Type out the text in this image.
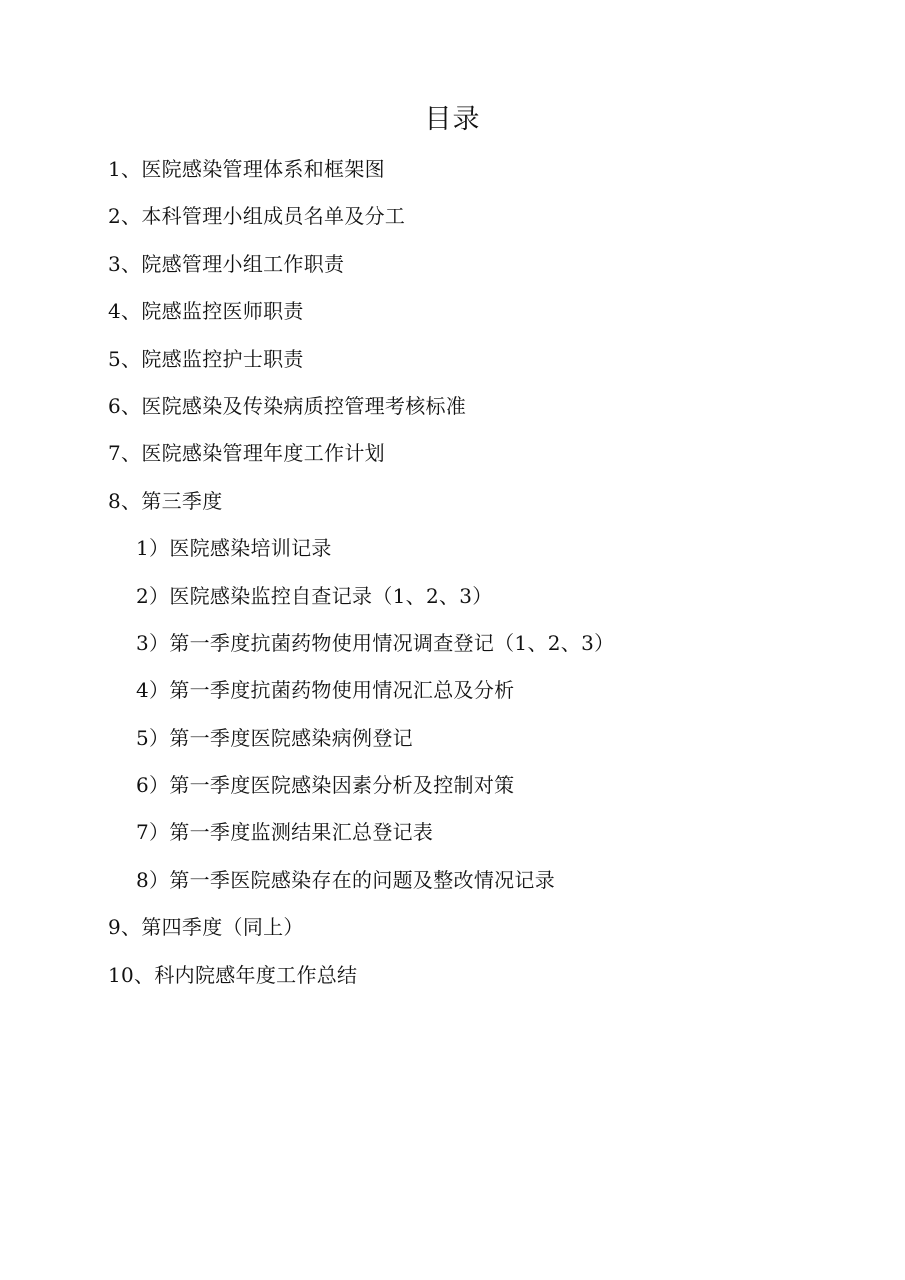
目录
1、医院感染管理体系和框架图
2、本科管理小组成员名单及分工
3、院感管理小组工作职责
4、院感监控医师职责
5、院感监控护士职责
6、医院感染及传染病质控管理考核标准
7、医院感染管理年度工作计划
8、第三季度
1）医院感染培训记录
2）医院感染监控自查记录（1、2、3）
3）第一季度抗菌药物使用情况调查登记（1、2、3）
4）第一季度抗菌药物使用情况汇总及分析
5）第一季度医院感染病例登记
6）第一季度医院感染因素分析及控制对策
7）第一季度监测结果汇总登记表
8）第一季医院感染存在的问题及整改情况记录
9、第四季度（同上）
10、科内院感年度工作总结
